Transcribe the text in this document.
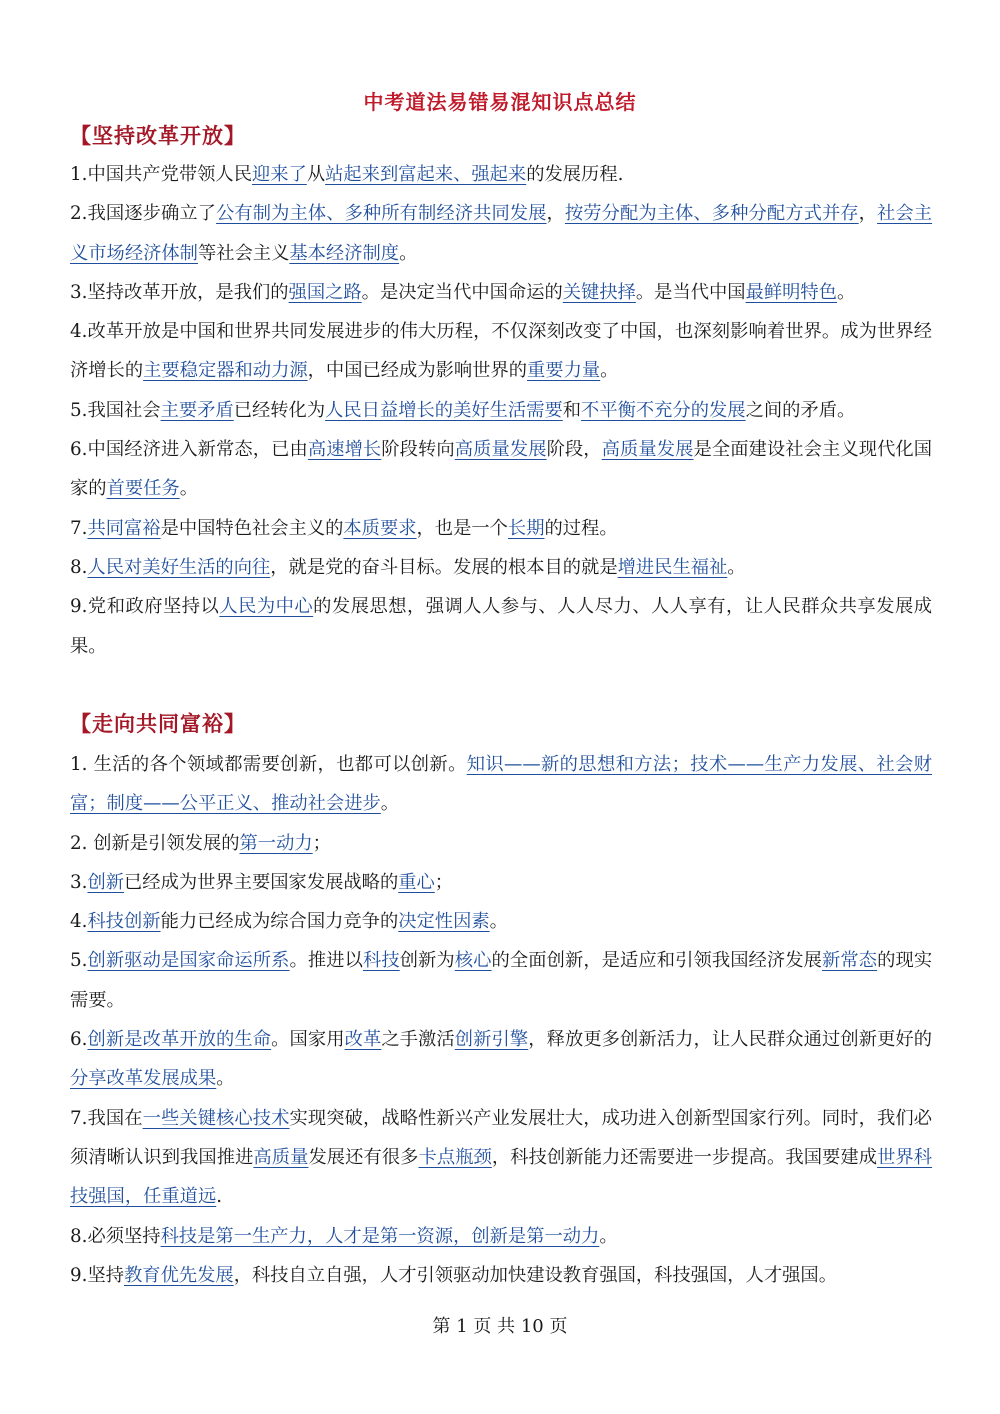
中考道法易错易混知识点总结
【坚持改革开放】

1.中国共产党带领人民迎来了从站起来到富起来、强起来的发展历程.

2.我国逐步确立了公有制为主体、多种所有制经济共同发展，按劳分配为主体、多种分配方式并存，社会主义市场经济体制等社会主义基本经济制度。

3.坚持改革开放，是我们的强国之路。是决定当代中国命运的关键抉择。是当代中国最鲜明特色。

4.改革开放是中国和世界共同发展进步的伟大历程，不仅深刻改变了中国，也深刻影响着世界。成为世界经济增长的主要稳定器和动力源，中国已经成为影响世界的重要力量。

5.我国社会主要矛盾已经转化为人民日益增长的美好生活需要和不平衡不充分的发展之间的矛盾。

6.中国经济进入新常态，已由高速增长阶段转向高质量发展阶段，高质量发展是全面建设社会主义现代化国家的首要任务。

7.共同富裕是中国特色社会主义的本质要求，也是一个长期的过程。

8.人民对美好生活的向往，就是党的奋斗目标。发展的根本目的就是增进民生福祉。

9.党和政府坚持以人民为中心的发展思想，强调人人参与、人人尽力、人人享有，让人民群众共享发展成果。

【走向共同富裕】

1. 生活的各个领域都需要创新，也都可以创新。知识——新的思想和方法；技术——生产力发展、社会财富；制度——公平正义、推动社会进步。

2. 创新是引领发展的第一动力；

3.创新已经成为世界主要国家发展战略的重心；

4.科技创新能力已经成为综合国力竞争的决定性因素。

5.创新驱动是国家命运所系。推进以科技创新为核心的全面创新，是适应和引领我国经济发展新常态的现实需要。

6.创新是改革开放的生命。国家用改革之手激活创新引擎，释放更多创新活力，让人民群众通过创新更好的分享改革发展成果。

7.我国在一些关键核心技术实现突破，战略性新兴产业发展壮大，成功进入创新型国家行列。同时，我们必须清晰认识到我国推进高质量发展还有很多卡点瓶颈，科技创新能力还需要进一步提高。我国要建成世界科技强国，任重道远.

8.必须坚持科技是第一生产力，人才是第一资源，创新是第一动力。

9.坚持教育优先发展，科技自立自强，人才引领驱动加快建设教育强国，科技强国，人才强国。

第 1 页 共 10 页
